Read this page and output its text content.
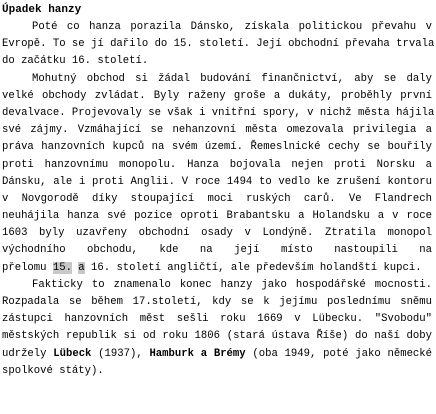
Úpadek hanzy
Poté co hanza porazila Dánsko, získala politickou převahu v
Evropě. To se jí dařilo do 15. století. Její obchodní převaha trvala
do začátku 16. století.
Mohutný obchod si žádal budování finančnictví, aby se daly
velké obchody zvládat. Byly raženy groše a dukáty, proběhly první
devalvace. Projevovaly se však i vnitřní spory, v nichž města hájila
své zájmy. Vzmáhající se nehanzovní města omezovala privilegia a
práva hanzovních kupců na svém území. Řemeslnické cechy se bouřily
proti hanzovnímu monopolu. Hanza bojovala nejen proti Norsku a
Dánsku, ale i proti Anglii. V roce 1494 to vedlo ke zrušení kontoru
v Novgorodě díky stoupající moci ruských carů. Ve Flandrech
neuhájila hanza své pozice oproti Brabantsku a Holandsku a v roce
1603 byly uzavřeny obchodní osady v Londýně. Ztratila monopol
východního obchodu, kde na její místo nastoupili na
přelomu 15. a 16. století angličtí, ale především holandští kupci.
Fakticky to znamenalo konec hanzy jako hospodářské mocnosti.
Rozpadala se během 17.století, kdy se k jejímu poslednímu sněmu
zástupci hanzovních měst sešli roku 1669 v Lübecku. "Svobodu"
městských republik si od roku 1806 (stará ústava Říše) do naší doby
udržely Lübeck (1937), Hamburk a Brémy (oba 1949, poté jako německé
spolkové státy).
